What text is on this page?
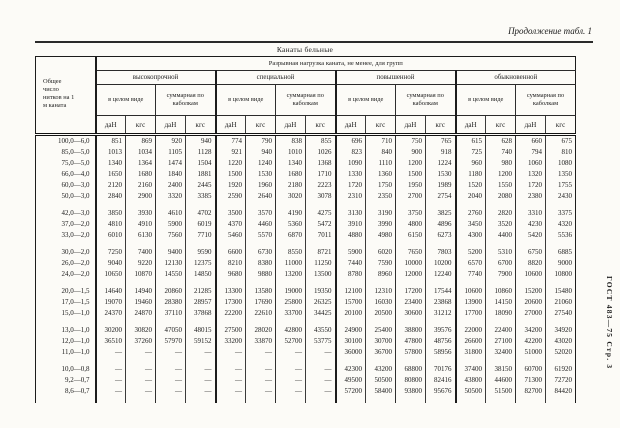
Продолжение табл. 1
Канаты бельные
Общее число нитков на 1 м каната	Разрывная нагрузка каната, не менее, для групп															
	высокопрочной				специальной				повышенной				обыкновенной			
	в целом виде		суммарная по каболкам		в целом виде		суммарная по каболкам		в целом виде		суммарная по каболкам		в целом виде		суммарная по каболкам	
	даН	кгс	даН	кгс	даН	кгс	даН	кгс	даН	кгс	даН	кгс	даН	кгс	даН	кгс
100,0—6,0	851	869	920	940	774	790	838	855	696	710	750	765	615	628	660	675
85,0—5,0	1013	1034	1105	1128	921	940	1010	1026	823	840	900	918	725	740	794	810
75,0—5,0	1340	1364	1474	1504	1220	1240	1340	1368	1090	1110	1200	1224	960	980	1060	1080
66,0—4,0	1650	1680	1840	1881	1500	1530	1680	1710	1330	1360	1500	1530	1180	1200	1320	1350
60,0—3,0	2120	2160	2400	2445	1920	1960	2180	2223	1720	1750	1950	1989	1520	1550	1720	1755
50,0—3,0	2840	2900	3320	3385	2590	2640	3020	3078	2310	2350	2700	2754	2040	2080	2380	2430

42,0—3,0	3850	3930	4610	4702	3500	3570	4190	4275	3130	3190	3750	3825	2760	2820	3310	3375
37,0—2,0	4810	4910	5900	6019	4370	4460	5360	5472	3910	3990	4800	4896	3450	3520	4230	4320
33,0—2,0	6010	6130	7560	7710	5460	5570	6870	7011	4880	4980	6150	6273	4300	4400	5420	5536

30,0—2,0	7250	7400	9400	9590	6600	6730	8550	8721	5900	6020	7650	7803	5200	5310	6750	6885
26,0—2,0	9040	9220	12130	12375	8210	8380	11000	11250	7440	7590	10000	10200	6570	6700	8820	9000
24,0—2,0	10650	10870	14550	14850	9680	9880	13200	13500	8780	8960	12000	12240	7740	7900	10600	10800

20,0—1,5	14640	14940	20860	21285	13300	13580	19000	19350	12100	12310	17200	17544	10600	10860	15200	15480
17,0—1,5	19070	19460	28380	28957	17300	17690	25800	26325	15700	16030	23400	23868	13900	14150	20600	21060
15,0—1,0	24370	24870	37110	37868	22200	22610	33700	34425	20100	20500	30600	31212	17700	18090	27000	27540

13,0—1,0	30200	30820	47050	48015	27500	28020	42800	43550	24900	25400	38800	39576	22000	22400	34200	34920
12,0—1,0	36510	37260	57970	59152	33200	33870	52700	53775	30100	30700	47800	48756	26600	27100	42200	43020
11,0—1,0	—	—	—	—	—	—	—	—	36000	36700	57800	58956	31800	32400	51000	52020

10,0—0,8	—	—	—	—	—	—	—	—	42300	43200	68800	70176	37400	38150	60700	61920
9,2—0,7	—	—	—	—	—	—	—	—	49500	50500	80800	82416	43800	44600	71300	72720
8,6—0,7	—	—	—	—	—	—	—	—	57200	58400	93800	95676	50500	51500	82700	84420

ГОСТ 483—75 Стр. 3
